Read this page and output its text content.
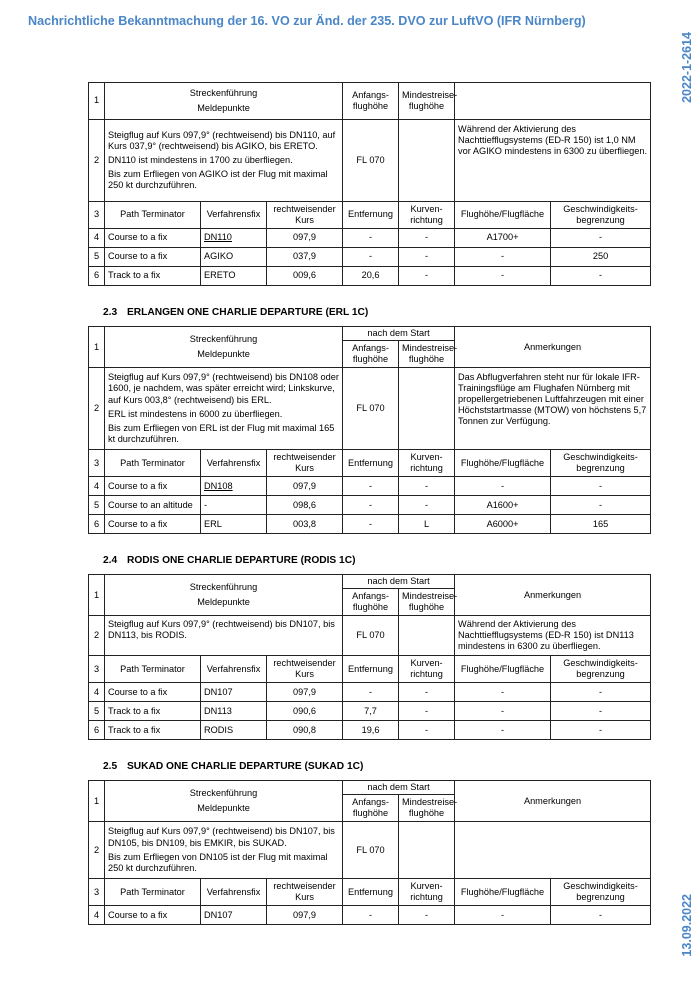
Nachrichtliche Bekanntmachung der 16. VO zur Änd. der 235. DVO zur LuftVO (IFR Nürnberg)
2022-1-2614
13.09.2022
1	Streckenführung
Meldepunkte			Anfangs-flughöhe	Mindestreise-flughöhe		
2	Steigflug auf Kurs 097,9° (rechtweisend) bis DN110, auf Kurs 037,9° (rechtweisend) bis AGIKO, bis ERETO.

DN110 ist mindestens in 1700 zu überfliegen.

Bis zum Erfliegen von AGIKO ist der Flug mit maximal 250 kt durchzuführen.			FL 070		Während der Aktivierung des Nachttiefflugsystems (ED-R 150) ist 1,0 NM vor AGIKO mindestens in 6300 zu überfliegen.	
3	Path Terminator	Verfahrensfix	rechtweisender Kurs	Entfernung	Kurven-richtung	Flughöhe/Flugfläche	Geschwindigkeits-begrenzung
4	Course to a fix	DN110	097,9	-	-	A1700+	-
5	Course to a fix	AGIKO	037,9	-	-	-	250
6	Track to a fix	ERETO	009,6	20,6	-	-	-
2.3 ERLANGEN ONE CHARLIE DEPARTURE (ERL 1C)
1	Streckenführung
Meldepunkte			nach dem Start		Anmerkungen	
				Anfangs-flughöhe	Mindestreise-flughöhe		
2	Steigflug auf Kurs 097,9° (rechtweisend) bis DN108 oder 1600, je nachdem, was später erreicht wird; Linkskurve, auf Kurs 003,8° (rechtweisend) bis ERL.

ERL ist mindestens in 6000 zu überfliegen.

Bis zum Erfliegen von ERL ist der Flug mit maximal 165 kt durchzuführen.			FL 070		Das Abflugverfahren steht nur für lokale IFR-Trainingsflüge am Flughafen Nürnberg mit propellergetriebenen Luftfahrzeugen mit einer Höchststartmasse (MTOW) von höchstens 5,7 Tonnen zur Verfügung.	
3	Path Terminator	Verfahrensfix	rechtweisender Kurs	Entfernung	Kurven-richtung	Flughöhe/Flugfläche	Geschwindigkeits-begrenzung
4	Course to a fix	DN108	097,9	-	-	-	-
5	Course to an altitude	-	098,6	-	-	A1600+	-
6	Course to a fix	ERL	003,8	-	L	A6000+	165
2.4 RODIS ONE CHARLIE DEPARTURE (RODIS 1C)
1	Streckenführung
Meldepunkte			nach dem Start		Anmerkungen	
				Anfangs-flughöhe	Mindestreise-flughöhe		
2	Steigflug auf Kurs 097,9° (rechtweisend) bis DN107, bis DN113, bis RODIS.			FL 070		Während der Aktivierung des Nachttiefflugsystems (ED-R 150) ist DN113 mindestens in 6300 zu überfliegen.	
3	Path Terminator	Verfahrensfix	rechtweisender Kurs	Entfernung	Kurven-richtung	Flughöhe/Flugfläche	Geschwindigkeits-begrenzung
4	Course to a fix	DN107	097,9	-	-	-	-
5	Track to a fix	DN113	090,6	7,7	-	-	-
6	Track to a fix	RODIS	090,8	19,6	-	-	-
2.5 SUKAD ONE CHARLIE DEPARTURE (SUKAD 1C)
1	Streckenführung
Meldepunkte			nach dem Start		Anmerkungen	
				Anfangs-flughöhe	Mindestreise-flughöhe		
2	Steigflug auf Kurs 097,9° (rechtweisend) bis DN107, bis DN105, bis DN109, bis EMKIR, bis SUKAD.

Bis zum Erfliegen von DN105 ist der Flug mit maximal 250 kt durchzuführen.			FL 070			
3	Path Terminator	Verfahrensfix	rechtweisender Kurs	Entfernung	Kurven-richtung	Flughöhe/Flugfläche	Geschwindigkeits-begrenzung
4	Course to a fix	DN107	097,9	-	-	-	-
